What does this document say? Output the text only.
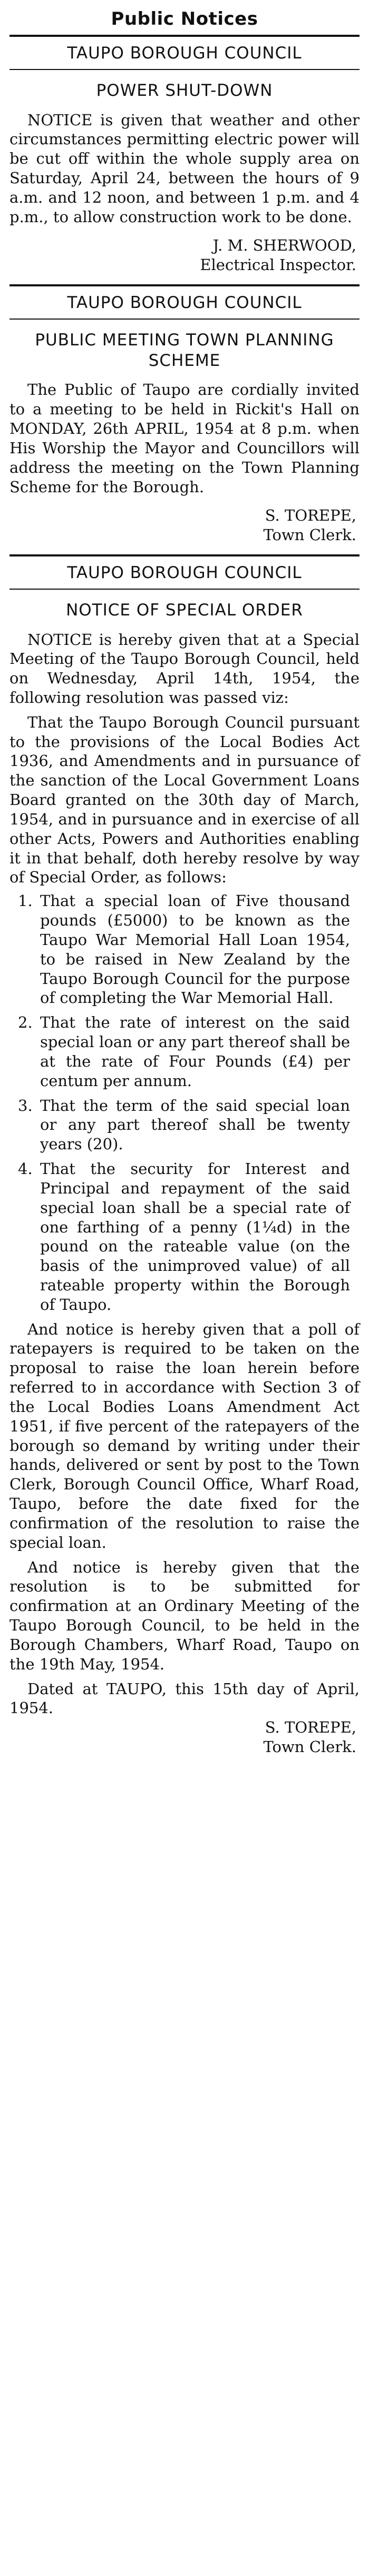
Public Notices
TAUPO BOROUGH COUNCIL
POWER SHUT-DOWN

NOTICE is given that weather and other circumstances permitting electric power will be cut off within the whole supply area on Saturday, April 24, between the hours of 9 a.m. and 12 noon, and between 1 p.m. and 4 p.m., to allow construction work to be done.

J. M. SHERWOOD,
Electrical Inspector.
TAUPO BOROUGH COUNCIL
PUBLIC MEETING TOWN PLANNING SCHEME

The Public of Taupo are cordially invited to a meeting to be held in Rickit's Hall on MONDAY, 26th APRIL, 1954 at 8 p.m. when His Worship the Mayor and Councillors will address the meeting on the Town Planning Scheme for the Borough.

S. TOREPE,
Town Clerk.
TAUPO BOROUGH COUNCIL
NOTICE OF SPECIAL ORDER

NOTICE is hereby given that at a Special Meeting of the Taupo Borough Council, held on Wednesday, April 14th, 1954, the following resolution was passed viz:

That the Taupo Borough Council pursuant to the provisions of the Local Bodies Act 1936, and Amendments and in pursuance of the sanction of the Local Government Loans Board granted on the 30th day of March, 1954, and in pursuance and in exercise of all other Acts, Powers and Authorities enabling it in that behalf, doth hereby resolve by way of Special Order, as follows:

1. That a special loan of Five thousand pounds (£5000) to be known as the Taupo War Memorial Hall Loan 1954, to be raised in New Zealand by the Taupo Borough Council for the purpose of completing the War Memorial Hall.
2. That the rate of interest on the said special loan or any part thereof shall be at the rate of Four Pounds (£4) per centum per annum.
3. That the term of the said special loan or any part thereof shall be twenty years (20).
4. That the security for Interest and Principal and repayment of the said special loan shall be a special rate of one farthing of a penny (1¼d) in the pound on the rateable value (on the basis of the unimproved value) of all rateable property within the Borough of Taupo.

And notice is hereby given that a poll of ratepayers is required to be taken on the proposal to raise the loan herein before referred to in accordance with Section 3 of the Local Bodies Loans Amendment Act 1951, if five percent of the ratepayers of the borough so demand by writing under their hands, delivered or sent by post to the Town Clerk, Borough Council Office, Wharf Road, Taupo, before the date fixed for the confirmation of the resolution to raise the special loan.

And notice is hereby given that the resolution is to be submitted for confirmation at an Ordinary Meeting of the Taupo Borough Council, to be held in the Borough Chambers, Wharf Road, Taupo on the 19th May, 1954.

Dated at TAUPO, this 15th day of April, 1954.

S. TOREPE,
Town Clerk.
